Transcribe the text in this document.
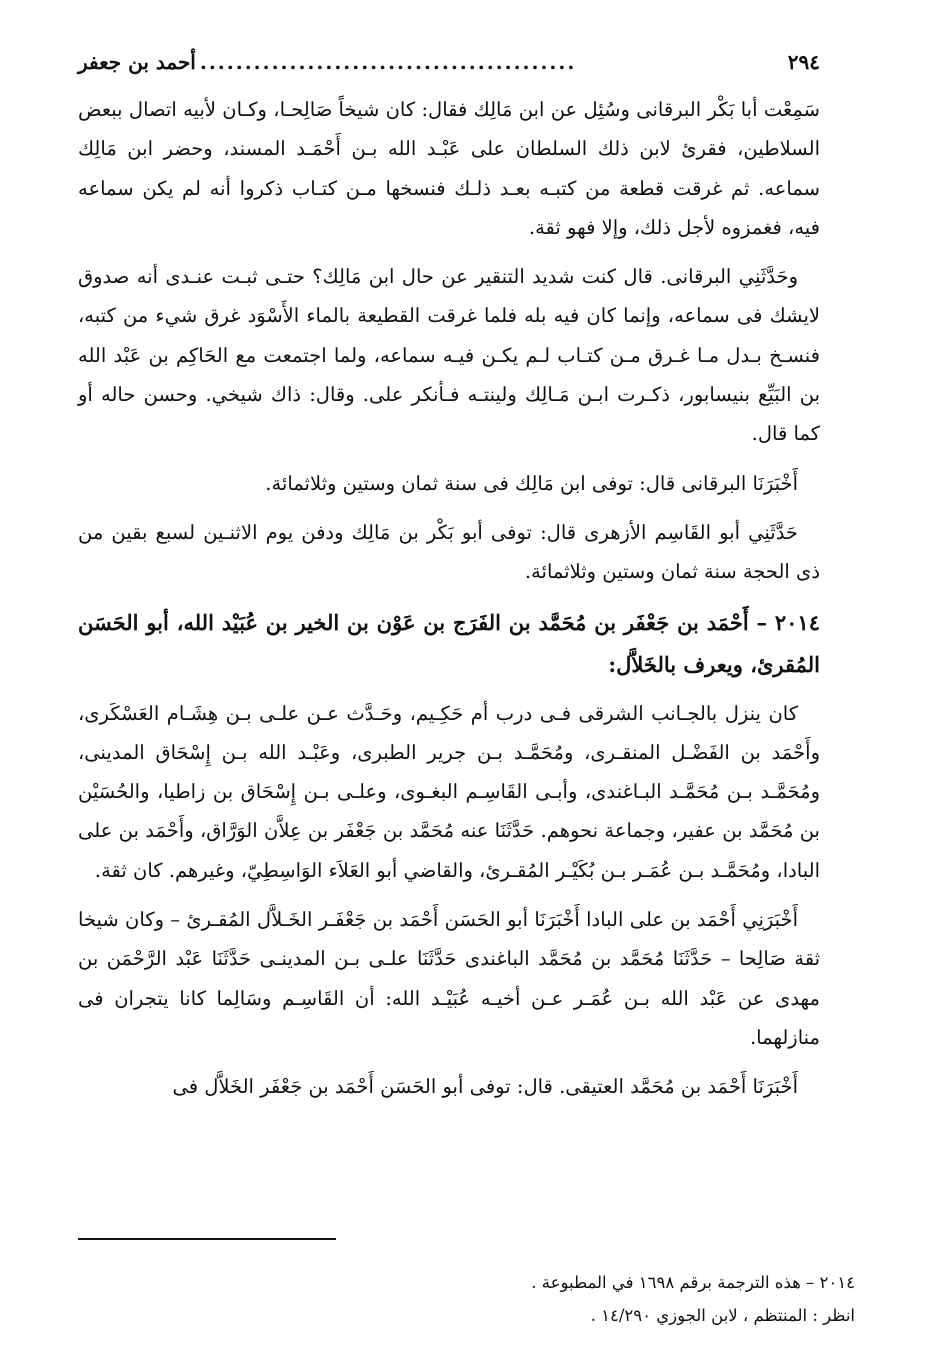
٢٩٤
..........................................
أحمد بن جعفر

سَمِعْت أبا بَكْر البرقانى وسُئِل عن ابن مَالِك فقال: كان شيخاً صَالِحـا، وكـان لأبيه اتصال ببعض السلاطين، فقرئ لابن ذلك السلطان على عَبْـد الله بـن أَحْمَـد المسند، وحضر ابن مَالِك سماعه. ثم غرقت قطعة من كتبـه بعـد ذلـك فنسخها مـن كتـاب ذكروا أنه لم يكن سماعه فيه، فغمزوه لأجل ذلك، وإلا فهو ثقة.

وحَدَّثَنِي البرقانى. قال كنت شديد التنقير عن حال ابن مَالِك؟ حتـى ثبـت عنـدى أنه صدوق لايشك فى سماعه، وإنما كان فيه بله فلما غرقت القطيعة بالماء الأَسْوَد غرق شيء من كتبه، فنسـخ بـدل مـا غـرق مـن كتـاب لـم يكـن فيـه سماعه، ولما اجتمعت مع الحَاكِم بن عَبْد الله بن البَيِّع بنيسابور، ذكـرت ابـن مَـالِك ولينتـه فـأنكر على. وقال: ذاك شيخي. وحسن حاله أو كما قال.

أَخْبَرَنَا البرقانى قال: توفى ابن مَالِك فى سنة ثمان وستين وثلاثمائة.

حَدَّثَنِي أبو القَاسِم الأزهرى قال: توفى أبو بَكْر بن مَالِك ودفن يوم الاثنـين لسبع بقين من ذى الحجة سنة ثمان وستين وثلاثمائة.

٢٠١٤ – أَحْمَد بن جَعْفَر بن مُحَمَّد بن الفَرَج بن عَوْن بن الخير بن عُبَيْد الله، أبو الحَسَن المُقرئ، ويعرف بالخَلاَّل:

كان ينزل بالجـانب الشرقى فـى درب أم حَكِـيم، وحَـدَّث عـن علـى بـن هِشَـام العَسْكَرى، وأَحْمَد بن الفَضْـل المنقـرى، ومُحَمَّـد بـن جرير الطبرى، وعَبْـد الله بـن إِسْحَاق المدينى، ومُحَمَّـد بـن مُحَمَّـد البـاغندى، وأبـى القَاسِـم البغـوى، وعلـى بـن إِسْحَاق بن زاطيا، والحُسَيْن بن مُحَمَّد بن عفير، وجماعة نحوهم. حَدَّثَنَا عنه مُحَمَّد بن جَعْفَر بن عِلاَّن الوَرَّاق، وأَحْمَد بن على البادا، ومُحَمَّـد بـن عُمَـر بـن بُكَيْـر المُقـرئ، والقاضي أبو العَلاَء الوَاسِطِيّ، وغيرهم. كان ثقة.

أَخْبَرَنِي أَحْمَد بن على البادا أَخْبَرَنَا أبو الحَسَن أَحْمَد بن جَعْفَـر الخَـلاَّل المُقـرئ – وكان شيخا ثقة صَالِحا – حَدَّثَنَا مُحَمَّد بن مُحَمَّد الباغندى حَدَّثَنَا علـى بـن المدينـى حَدَّثَنَا عَبْد الرَّحْمَن بن مهدى عن عَبْد الله بـن عُمَـر عـن أخيـه عُبَيْـد الله: أن القَاسِـم وسَالِما كانا يتجران فى منازلهما.

أَخْبَرَنَا أَحْمَد بن مُحَمَّد العتيقى. قال: توفى أبو الحَسَن أَحْمَد بن جَعْفَر الخَلاَّل فى

٢٠١٤ – هذه الترجمة برقم ١٦٩٨ في المطبوعة .

انظر : المنتظم ، لابن الجوزي ١٤/٢٩٠ .
